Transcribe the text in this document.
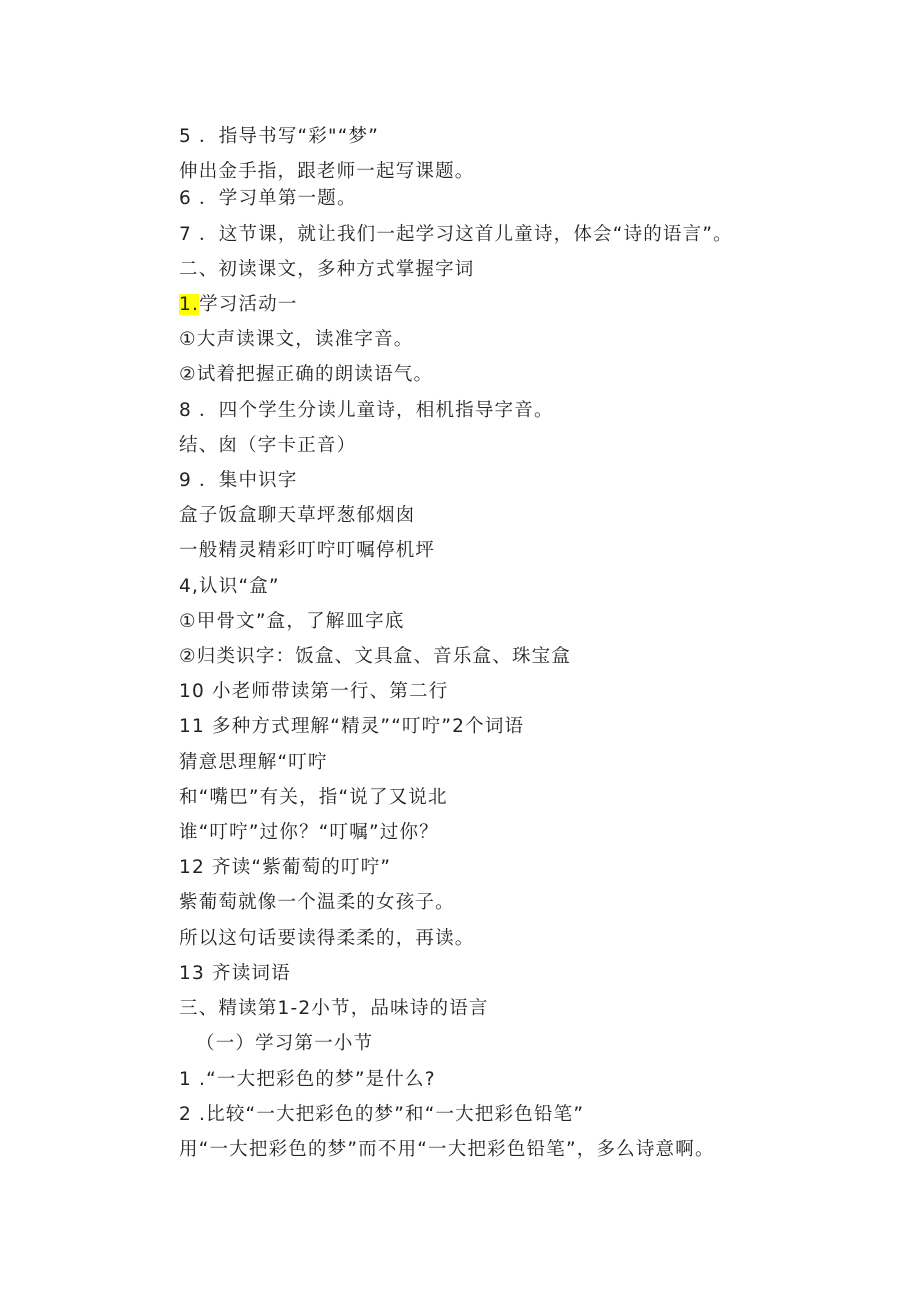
5 ．指导书写“彩"“梦”
伸出金手指，跟老师一起写课题。
6 ．学习单第一题。
7 ．这节课，就让我们一起学习这首儿童诗，体会“诗的语言”。
二、初读课文，多种方式掌握字词
1.学习活动一
①大声读课文，读准字音。
②试着把握正确的朗读语气。
8 ．四个学生分读儿童诗，相机指导字音。
结、囱（字卡正音）
9 ．集中识字
盒子饭盒聊天草坪葱郁烟囱
一般精灵精彩叮咛叮嘱停机坪
4,认识“盒”
①甲骨文”盒，了解皿字底
②归类识字：饭盒、文具盒、音乐盒、珠宝盒
10 小老师带读第一行、第二行
11 多种方式理解“精灵”“叮咛”2个词语
猜意思理解“叮咛
和“嘴巴”有关，指“说了又说北
谁“叮咛”过你？“叮嘱”过你？
12 齐读“紫葡萄的叮咛”
紫葡萄就像一个温柔的女孩子。
所以这句话要读得柔柔的，再读。
13 齐读词语
三、精读第1-2小节，品味诗的语言
（一）学习第一小节
1 .“一大把彩色的梦”是什么?
2 .比较“一大把彩色的梦”和“一大把彩色铅笔”
用“一大把彩色的梦”而不用“一大把彩色铅笔”，多么诗意啊。
